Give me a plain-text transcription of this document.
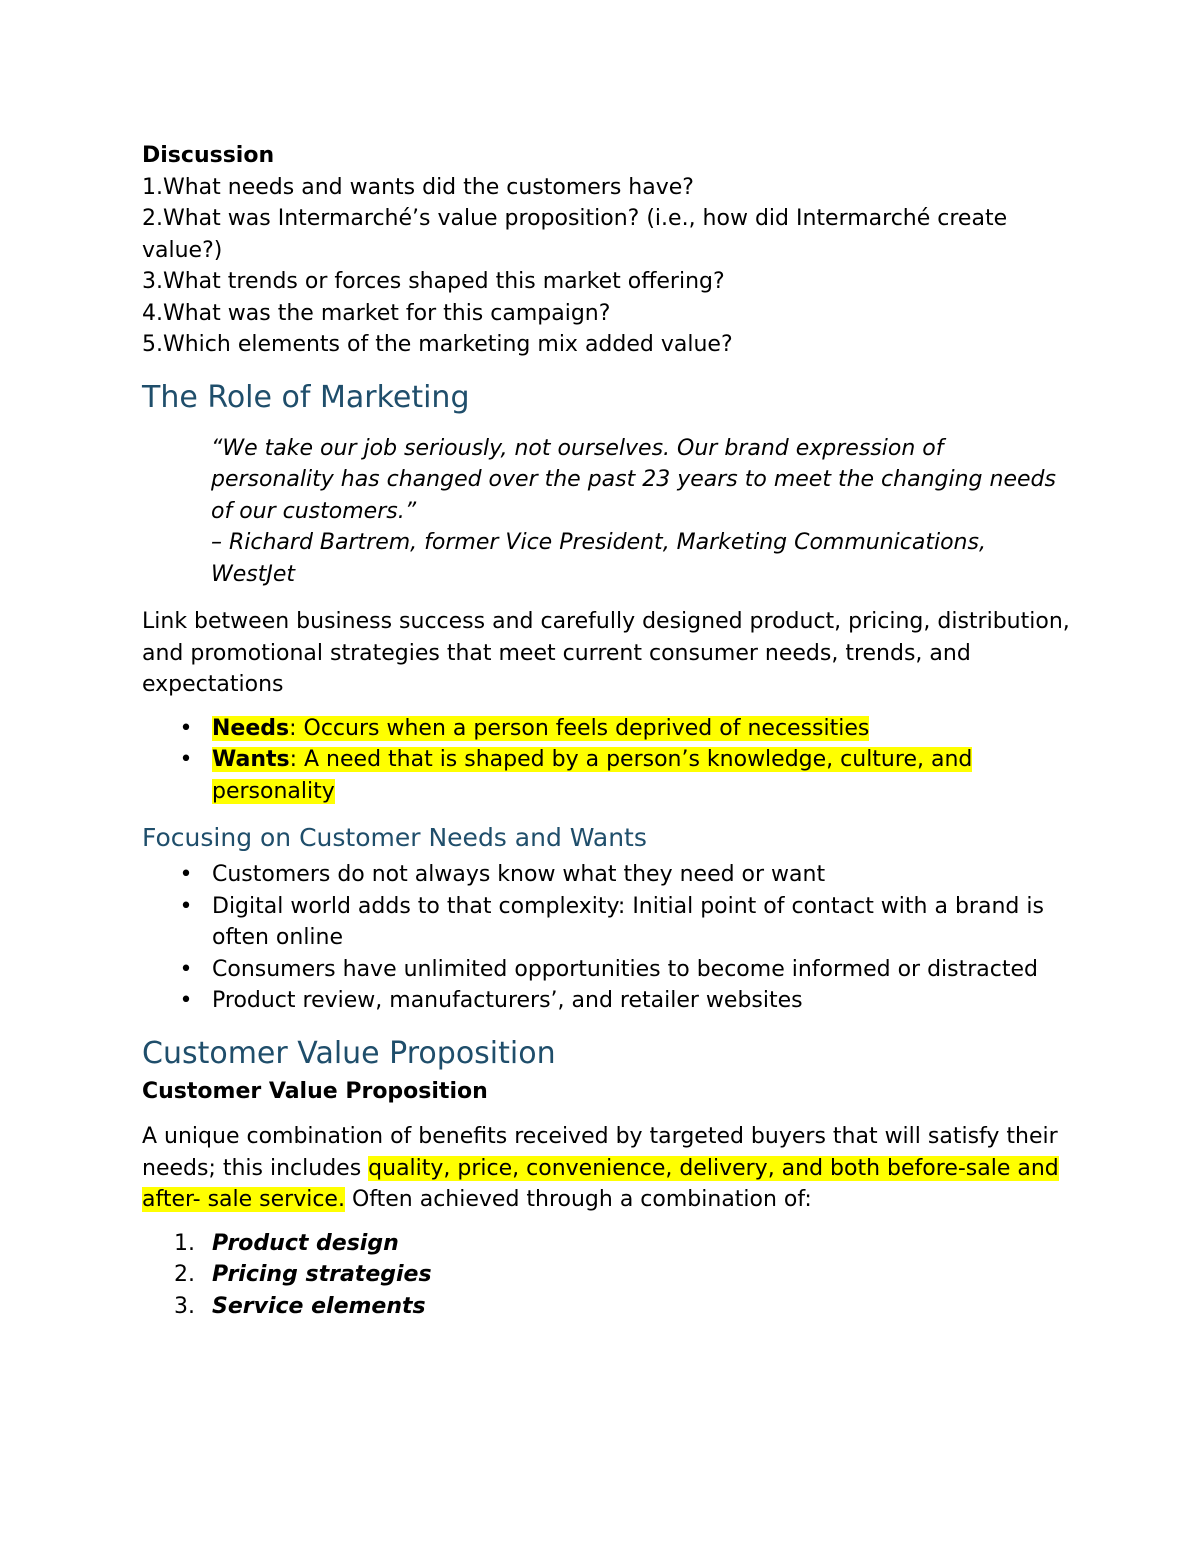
Discussion

1.What needs and wants did the customers have?
2.What was Intermarché’s value proposition? (i.e., how did Intermarché create value?)
3.What trends or forces shaped this market offering?
4.What was the market for this campaign?
5.Which elements of the marketing mix added value?
The Role of Marketing
“We take our job seriously, not ourselves. Our brand expression of personality has changed over the past 23 years to meet the changing needs of our customers.”
– Richard Bartrem, former Vice President, Marketing Communications, WestJet

Link between business success and carefully designed product, pricing, distribution, and promotional strategies that meet current consumer needs, trends, and expectations

• Needs: Occurs when a person feels deprived of necessities
• Wants: A need that is shaped by a person’s knowledge, culture, and personality
Focusing on Customer Needs and Wants
• Customers do not always know what they need or want
• Digital world adds to that complexity: Initial point of contact with a brand is often online
• Consumers have unlimited opportunities to become informed or distracted
• Product review, manufacturers’, and retailer websites
Customer Value Proposition

Customer Value Proposition

A unique combination of benefits received by targeted buyers that will satisfy their needs; this includes quality, price, convenience, delivery, and both before-sale and after- sale service. Often achieved through a combination of:

1. Product design
2. Pricing strategies
3. Service elements
